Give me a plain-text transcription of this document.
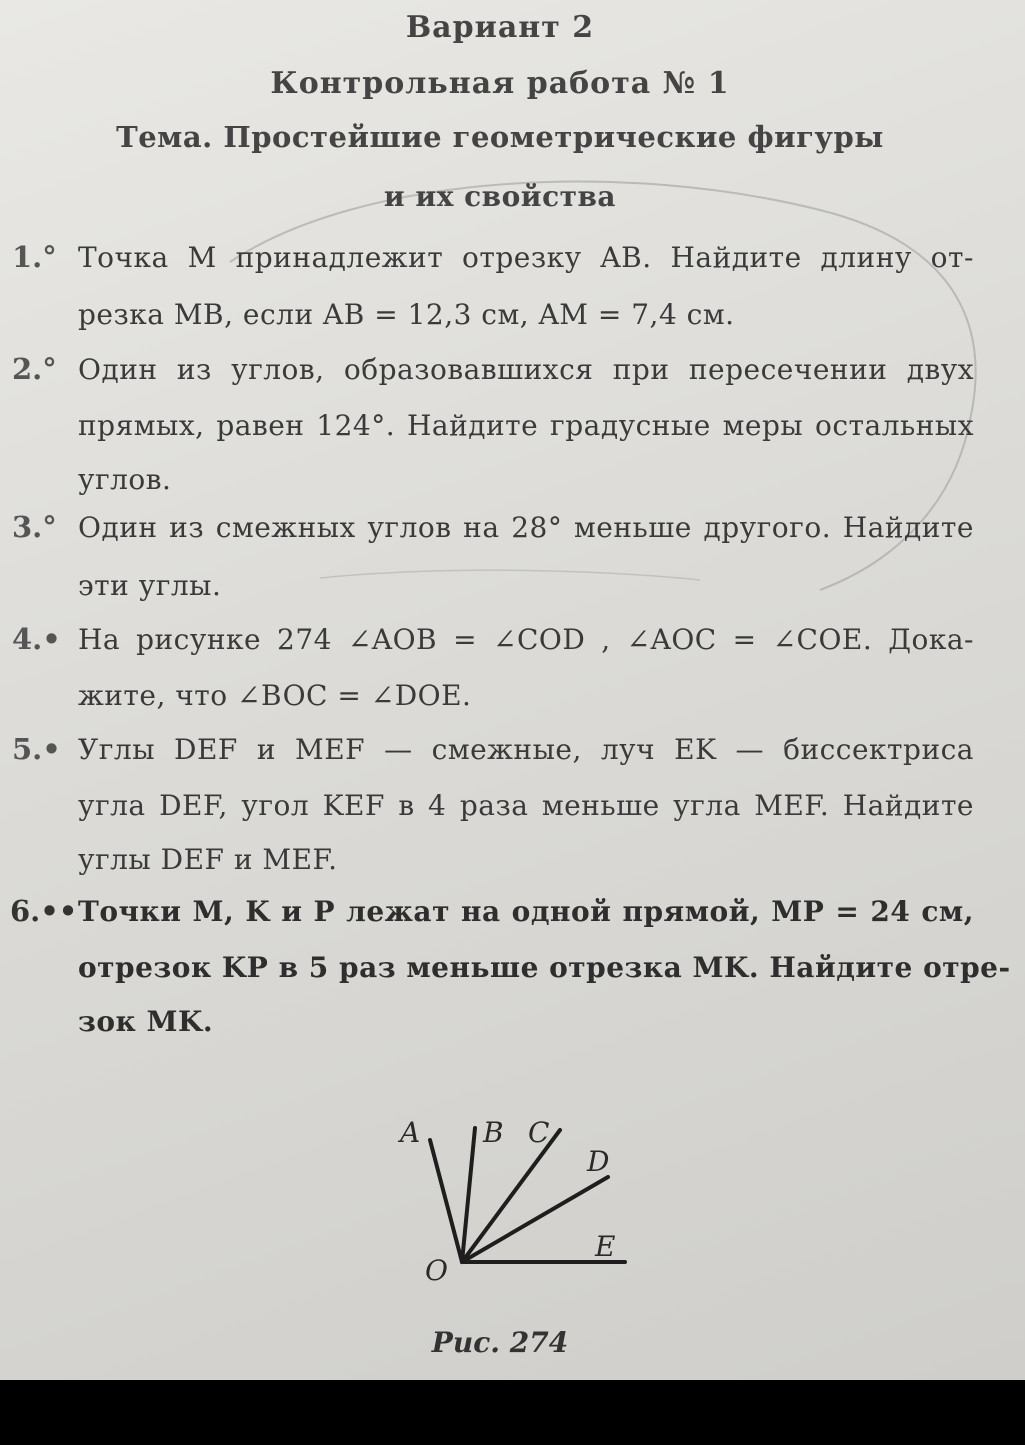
Вариант 2
Контрольная работа № 1
Тема. Простейшие геометрические фигуры
и их свойства
1.° Точка M принадлежит отрезку AB. Найдите длину от-
резка MB, если AB = 12,3 см, AM = 7,4 см.
2.° Один из углов, образовавшихся при пересечении двух
прямых, равен 124°. Найдите градусные меры остальных
углов.
3.° Один из смежных углов на 28° меньше другого. Найдите
эти углы.
4.• На рисунке 274 ∠AOB = ∠COD , ∠AOC = ∠COE. Дока-
жите, что ∠BOC = ∠DOE.
5.• Углы DEF и MEF — смежные, луч EK — биссектриса
угла DEF, угол KEF в 4 раза меньше угла MEF. Найдите
углы DEF и MEF.
6.•• Точки M, K и P лежат на одной прямой, MP = 24 см,
отрезок KP в 5 раз меньше отрезка MK. Найдите отре-
зок MK.
A B C
D
E
O
Рис. 274
